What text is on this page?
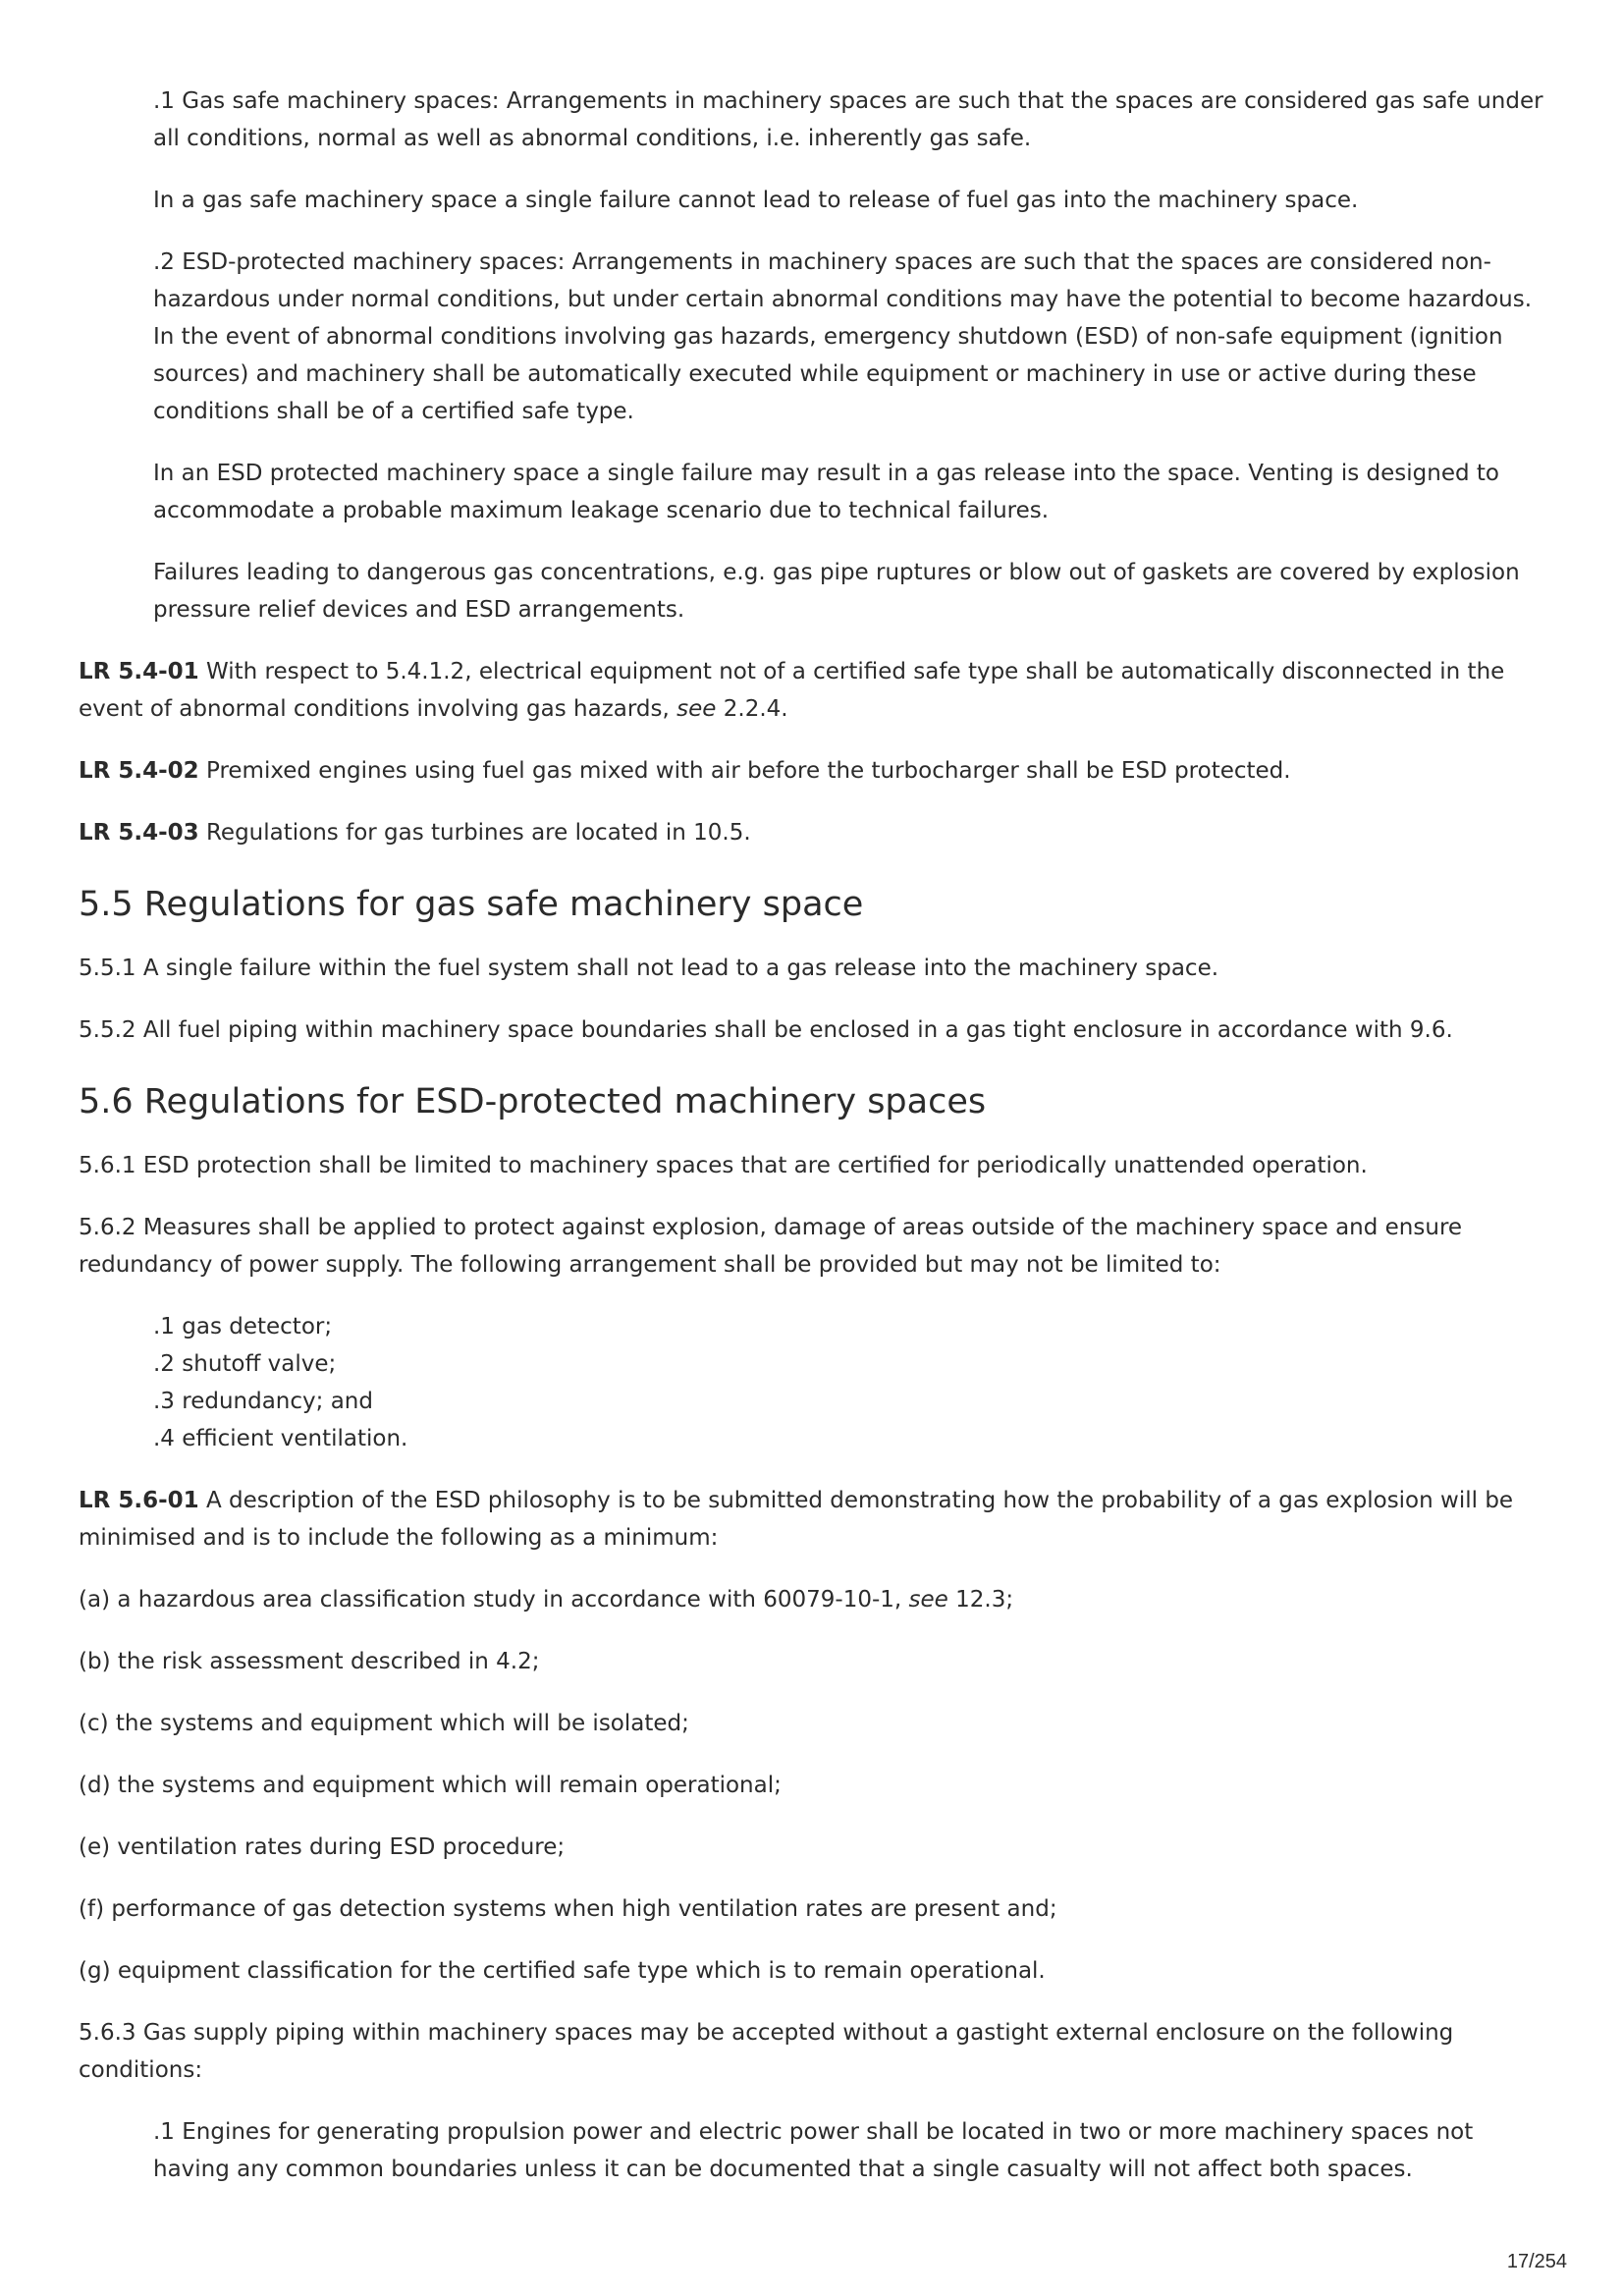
.1 Gas safe machinery spaces: Arrangements in machinery spaces are such that the spaces are considered gas safe under all conditions, normal as well as abnormal conditions, i.e. inherently gas safe.

In a gas safe machinery space a single failure cannot lead to release of fuel gas into the machinery space.

.2 ESD-protected machinery spaces: Arrangements in machinery spaces are such that the spaces are considered non-hazardous under normal conditions, but under certain abnormal conditions may have the potential to become hazardous. In the event of abnormal conditions involving gas hazards, emergency shutdown (ESD) of non-safe equipment (ignition sources) and machinery shall be automatically executed while equipment or machinery in use or active during these conditions shall be of a certified safe type.

In an ESD protected machinery space a single failure may result in a gas release into the space. Venting is designed to accommodate a probable maximum leakage scenario due to technical failures.

Failures leading to dangerous gas concentrations, e.g. gas pipe ruptures or blow out of gaskets are covered by explosion pressure relief devices and ESD arrangements.

LR 5.4-01 With respect to 5.4.1.2, electrical equipment not of a certified safe type shall be automatically disconnected in the event of abnormal conditions involving gas hazards, see 2.2.4.

LR 5.4-02 Premixed engines using fuel gas mixed with air before the turbocharger shall be ESD protected.

LR 5.4-03 Regulations for gas turbines are located in 10.5.

5.5 Regulations for gas safe machinery space

5.5.1 A single failure within the fuel system shall not lead to a gas release into the machinery space.

5.5.2 All fuel piping within machinery space boundaries shall be enclosed in a gas tight enclosure in accordance with 9.6.

5.6 Regulations for ESD-protected machinery spaces

5.6.1 ESD protection shall be limited to machinery spaces that are certified for periodically unattended operation.

5.6.2 Measures shall be applied to protect against explosion, damage of areas outside of the machinery space and ensure redundancy of power supply. The following arrangement shall be provided but may not be limited to:

.1 gas detector;

.2 shutoff valve;

.3 redundancy; and

.4 efficient ventilation.

LR 5.6-01 A description of the ESD philosophy is to be submitted demonstrating how the probability of a gas explosion will be minimised and is to include the following as a minimum:

(a) a hazardous area classification study in accordance with 60079-10-1, see 12.3;

(b) the risk assessment described in 4.2;

(c) the systems and equipment which will be isolated;

(d) the systems and equipment which will remain operational;

(e) ventilation rates during ESD procedure;

(f) performance of gas detection systems when high ventilation rates are present and;

(g) equipment classification for the certified safe type which is to remain operational.

5.6.3 Gas supply piping within machinery spaces may be accepted without a gastight external enclosure on the following conditions:

.1 Engines for generating propulsion power and electric power shall be located in two or more machinery spaces not having any common boundaries unless it can be documented that a single casualty will not affect both spaces.

17/254
